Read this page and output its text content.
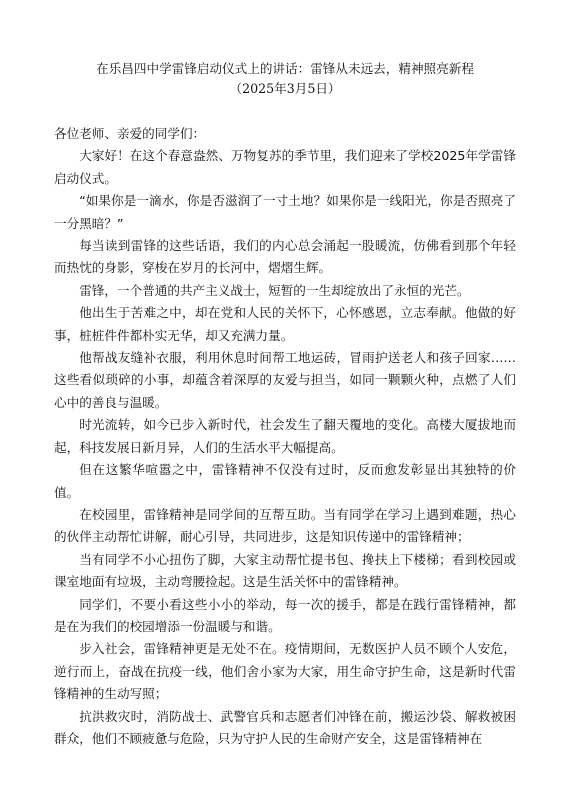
在乐昌四中学雷锋启动仪式上的讲话：雷锋从未远去，精神照亮新程
（2025年3月5日）

各位老师、亲爱的同学们：

大家好！在这个春意盎然、万物复苏的季节里，我们迎来了学校2025年学雷锋启动仪式。

“如果你是一滴水，你是否滋润了一寸土地？如果你是一线阳光，你是否照亮了一分黑暗？”

每当读到雷锋的这些话语，我们的内心总会涌起一股暖流，仿佛看到那个年轻而热忱的身影，穿梭在岁月的长河中，熠熠生辉。

雷锋，一个普通的共产主义战士，短暂的一生却绽放出了永恒的光芒。

他出生于苦难之中，却在党和人民的关怀下，心怀感恩，立志奉献。他做的好事，桩桩件件都朴实无华，却又充满力量。

他帮战友缝补衣服，利用休息时间帮工地运砖，冒雨护送老人和孩子回家……这些看似琐碎的小事，却蕴含着深厚的友爱与担当，如同一颗颗火种，点燃了人们心中的善良与温暖。

时光流转，如今已步入新时代，社会发生了翻天覆地的变化。高楼大厦拔地而起，科技发展日新月异，人们的生活水平大幅提高。

但在这繁华喧嚣之中，雷锋精神不仅没有过时，反而愈发彰显出其独特的价值。

在校园里，雷锋精神是同学间的互帮互助。当有同学在学习上遇到难题，热心的伙伴主动帮忙讲解，耐心引导，共同进步，这是知识传递中的雷锋精神；

当有同学不小心扭伤了脚，大家主动帮忙提书包、搀扶上下楼梯；看到校园或课室地面有垃圾，主动弯腰捡起。这是生活关怀中的雷锋精神。

同学们，不要小看这些小小的举动，每一次的援手，都是在践行雷锋精神，都是在为我们的校园增添一份温暖与和谐。

步入社会，雷锋精神更是无处不在。疫情期间，无数医护人员不顾个人安危，逆行而上，奋战在抗疫一线，他们舍小家为大家，用生命守护生命，这是新时代雷锋精神的生动写照；

抗洪救灾时，消防战士、武警官兵和志愿者们冲锋在前，搬运沙袋、解救被困群众，他们不顾疲惫与危险，只为守护人民的生命财产安全，这是雷锋精神在
